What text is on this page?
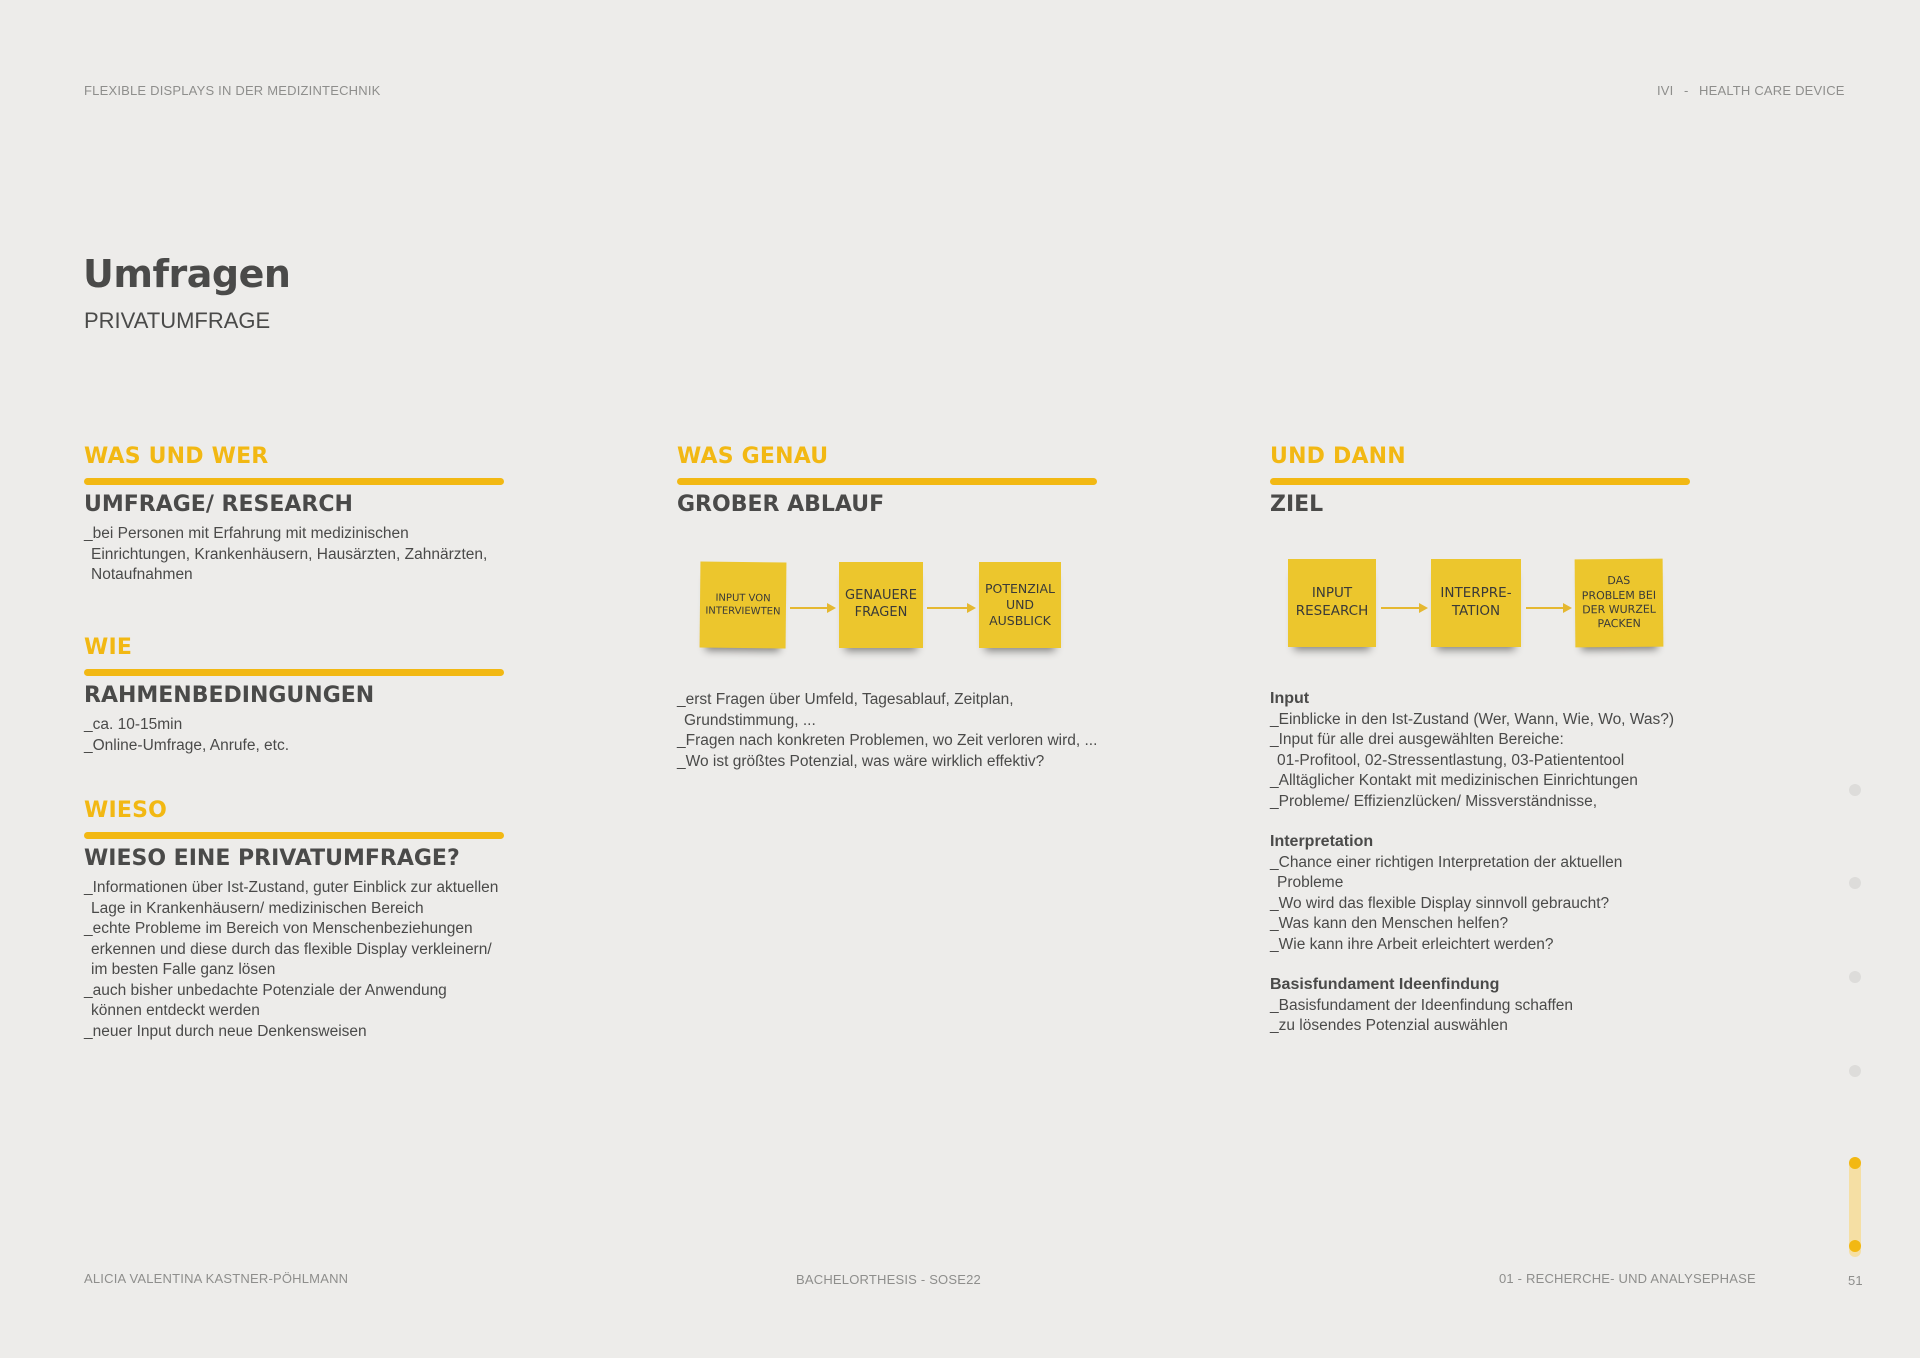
FLEXIBLE DISPLAYS IN DER MEDIZINTECHNIK	IVI - HEALTH CARE DEVICE
Umfragen
PRIVATUMFRAGE
WAS UND WER
UMFRAGE/ RESEARCH
_bei Personen mit Erfahrung mit medizinischen
Einrichtungen, Krankenhäusern, Hausärzten, Zahnärzten,
Notaufnahmen
WIE
RAHMENBEDINGUNGEN
_ca. 10-15min
_Online-Umfrage, Anrufe, etc.
WIESO
WIESO EINE PRIVATUMFRAGE?
_Informationen über Ist-Zustand, guter Einblick zur aktuellen
Lage in Krankenhäusern/ medizinischen Bereich
_echte Probleme im Bereich von Menschenbeziehungen
erkennen und diese durch das flexible Display verkleinern/
im besten Falle ganz lösen
_auch bisher unbedachte Potenziale der Anwendung
können entdeckt werden
_neuer Input durch neue Denkensweisen
WAS GENAU
GROBER ABLAUF
INPUT VON
INTERVIEWTEN
GENAUERE
FRAGEN
POTENZIAL
UND
AUSBLICK
_erst Fragen über Umfeld, Tagesablauf, Zeitplan,
Grundstimmung, ...
_Fragen nach konkreten Problemen, wo Zeit verloren wird, ...
_Wo ist größtes Potenzial, was wäre wirklich effektiv?
UND DANN
ZIEL
INPUT
RESEARCH
INTERPRE-
TATION
DAS
PROBLEM BEI
DER WURZEL
PACKEN
Input
_Einblicke in den Ist-Zustand (Wer, Wann, Wie, Wo, Was?)
_Input für alle drei ausgewählten Bereiche:
01-Profitool, 02-Stressentlastung, 03-Patiententool
_Alltäglicher Kontakt mit medizinischen Einrichtungen
_Probleme/ Effizienzlücken/ Missverständnisse,
Interpretation
_Chance einer richtigen Interpretation der aktuellen
Probleme
_Wo wird das flexible Display sinnvoll gebraucht?
_Was kann den Menschen helfen?
_Wie kann ihre Arbeit erleichtert werden?
Basisfundament Ideenfindung
_Basisfundament der Ideenfindung schaffen
_zu lösendes Potenzial auswählen
ALICIA VALENTINA KASTNER-PÖHLMANN	BACHELORTHESIS - SOSE22	01 - RECHERCHE- UND ANALYSEPHASE	51
